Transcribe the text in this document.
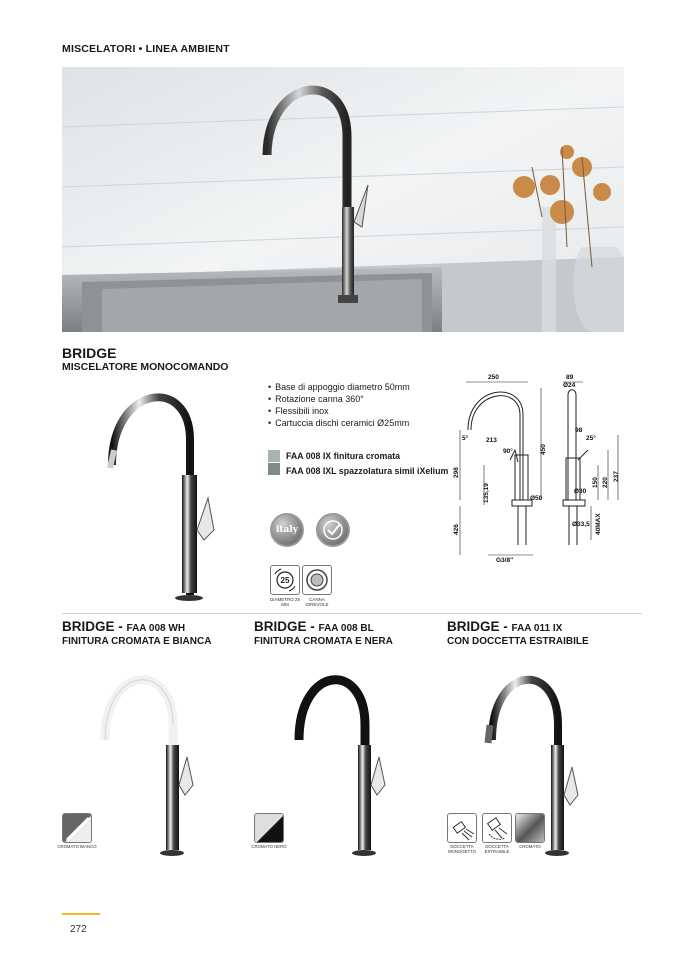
MISCELATORI • LINEA AMBIENT
BRIDGE
MISCELATORE MONOCOMANDO
• Base di appoggio diametro 50mm
• Rotazione canna 360°
• Flessibili inox
• Cartuccia dischi ceramici Ø25mm
FAA 008 IX finitura cromata
FAA 008 IXL spazzolatura simil iXelium
italy
25
DIAMETRO 25 MM
CANNA GIREVOLE
250	89
Ø24
98
25°
5°	213
90°	450
298
135,19	Ø50
Ø30
150 220
237
Ø33,5 40MAX
426
G3/8"
BRIDGE - FAA 008 WH
FINITURA CROMATA E BIANCA
BRIDGE - FAA 008 BL
FINITURA CROMATA E NERA
BRIDGE - FAA 011 IX
CON DOCCETTA ESTRAIBILE
CROMATO BIANCO	CROMATO NERO	DOCCETTA MONOGETTO
DOCCETTA ESTRAIBILE
CROMATO
272
